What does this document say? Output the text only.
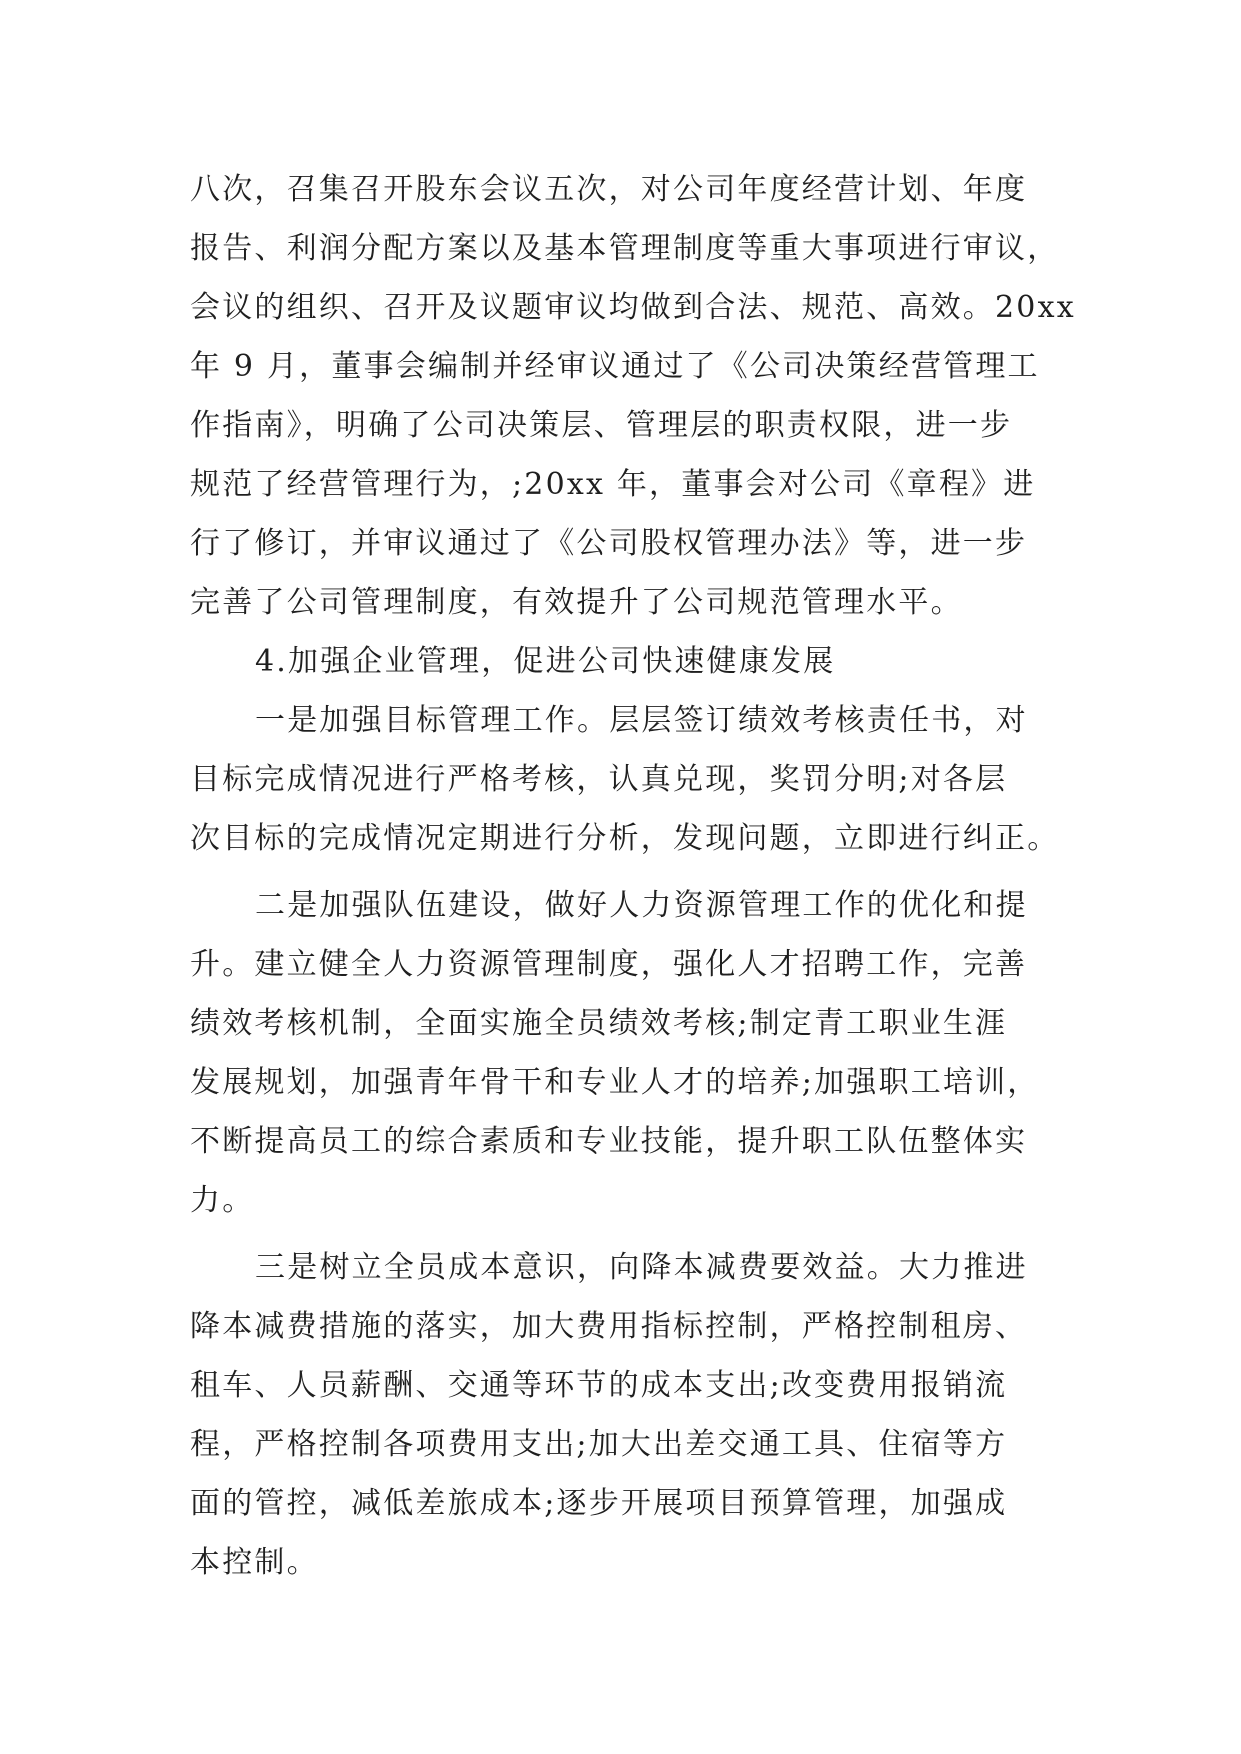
八次，召集召开股东会议五次，对公司年度经营计划、年度
报告、利润分配方案以及基本管理制度等重大事项进行审议，
会议的组织、召开及议题审议均做到合法、规范、高效。20xx
年 9 月，董事会编制并经审议通过了《公司决策经营管理工
作指南》，明确了公司决策层、管理层的职责权限，进一步
规范了经营管理行为，;20xx 年，董事会对公司《章程》进
行了修订，并审议通过了《公司股权管理办法》等，进一步
完善了公司管理制度，有效提升了公司规范管理水平。
4.加强企业管理，促进公司快速健康发展
一是加强目标管理工作。层层签订绩效考核责任书，对
目标完成情况进行严格考核，认真兑现，奖罚分明;对各层
次目标的完成情况定期进行分析，发现问题，立即进行纠正。
二是加强队伍建设，做好人力资源管理工作的优化和提
升。建立健全人力资源管理制度，强化人才招聘工作，完善
绩效考核机制，全面实施全员绩效考核;制定青工职业生涯
发展规划，加强青年骨干和专业人才的培养;加强职工培训，
不断提高员工的综合素质和专业技能，提升职工队伍整体实
力。
三是树立全员成本意识，向降本减费要效益。大力推进
降本减费措施的落实，加大费用指标控制，严格控制租房、
租车、人员薪酬、交通等环节的成本支出;改变费用报销流
程，严格控制各项费用支出;加大出差交通工具、住宿等方
面的管控，减低差旅成本;逐步开展项目预算管理，加强成
本控制。
